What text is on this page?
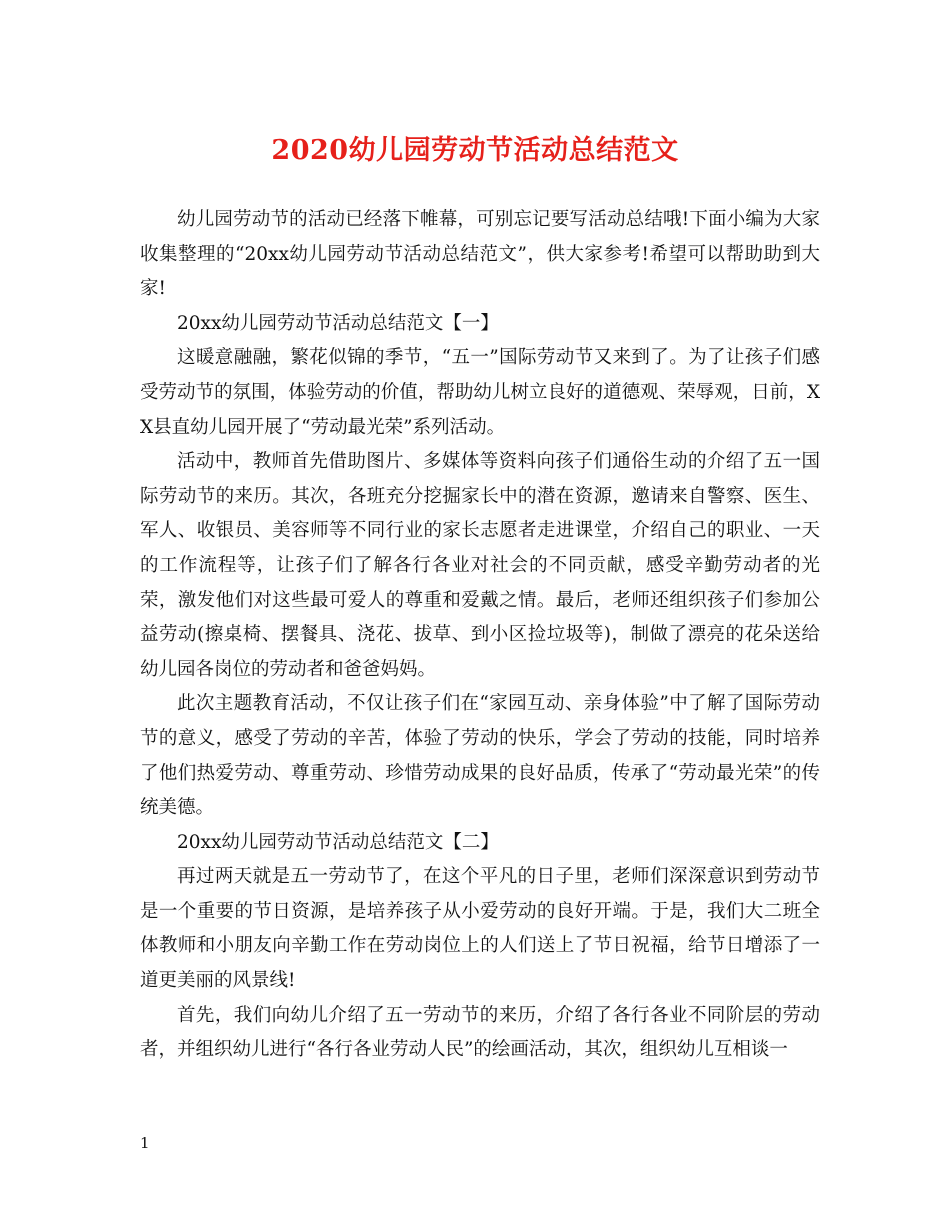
2020幼儿园劳动节活动总结范文

幼儿园劳动节的活动已经落下帷幕，可别忘记要写活动总结哦!下面小编为大家收集整理的“20xx幼儿园劳动节活动总结范文”，供大家参考!希望可以帮助助到大家!

20xx幼儿园劳动节活动总结范文【一】

这暖意融融，繁花似锦的季节，“五一”国际劳动节又来到了。为了让孩子们感受劳动节的氛围，体验劳动的价值，帮助幼儿树立良好的道德观、荣辱观，日前，XX县直幼儿园开展了“劳动最光荣”系列活动。

活动中，教师首先借助图片、多媒体等资料向孩子们通俗生动的介绍了五一国际劳动节的来历。其次，各班充分挖掘家长中的潜在资源，邀请来自警察、医生、军人、收银员、美容师等不同行业的家长志愿者走进课堂，介绍自己的职业、一天的工作流程等，让孩子们了解各行各业对社会的不同贡献，感受辛勤劳动者的光荣，激发他们对这些最可爱人的尊重和爱戴之情。最后，老师还组织孩子们参加公益劳动(擦桌椅、摆餐具、浇花、拔草、到小区捡垃圾等)，制做了漂亮的花朵送给幼儿园各岗位的劳动者和爸爸妈妈。

此次主题教育活动，不仅让孩子们在“家园互动、亲身体验”中了解了国际劳动节的意义，感受了劳动的辛苦，体验了劳动的快乐，学会了劳动的技能，同时培养了他们热爱劳动、尊重劳动、珍惜劳动成果的良好品质，传承了“劳动最光荣”的传统美德。

20xx幼儿园劳动节活动总结范文【二】

再过两天就是五一劳动节了，在这个平凡的日子里，老师们深深意识到劳动节是一个重要的节日资源，是培养孩子从小爱劳动的良好开端。于是，我们大二班全体教师和小朋友向辛勤工作在劳动岗位上的人们送上了节日祝福，给节日增添了一道更美丽的风景线!

首先，我们向幼儿介绍了五一劳动节的来历，介绍了各行各业不同阶层的劳动者，并组织幼儿进行“各行各业劳动人民”的绘画活动，其次，组织幼儿互相谈一

1
